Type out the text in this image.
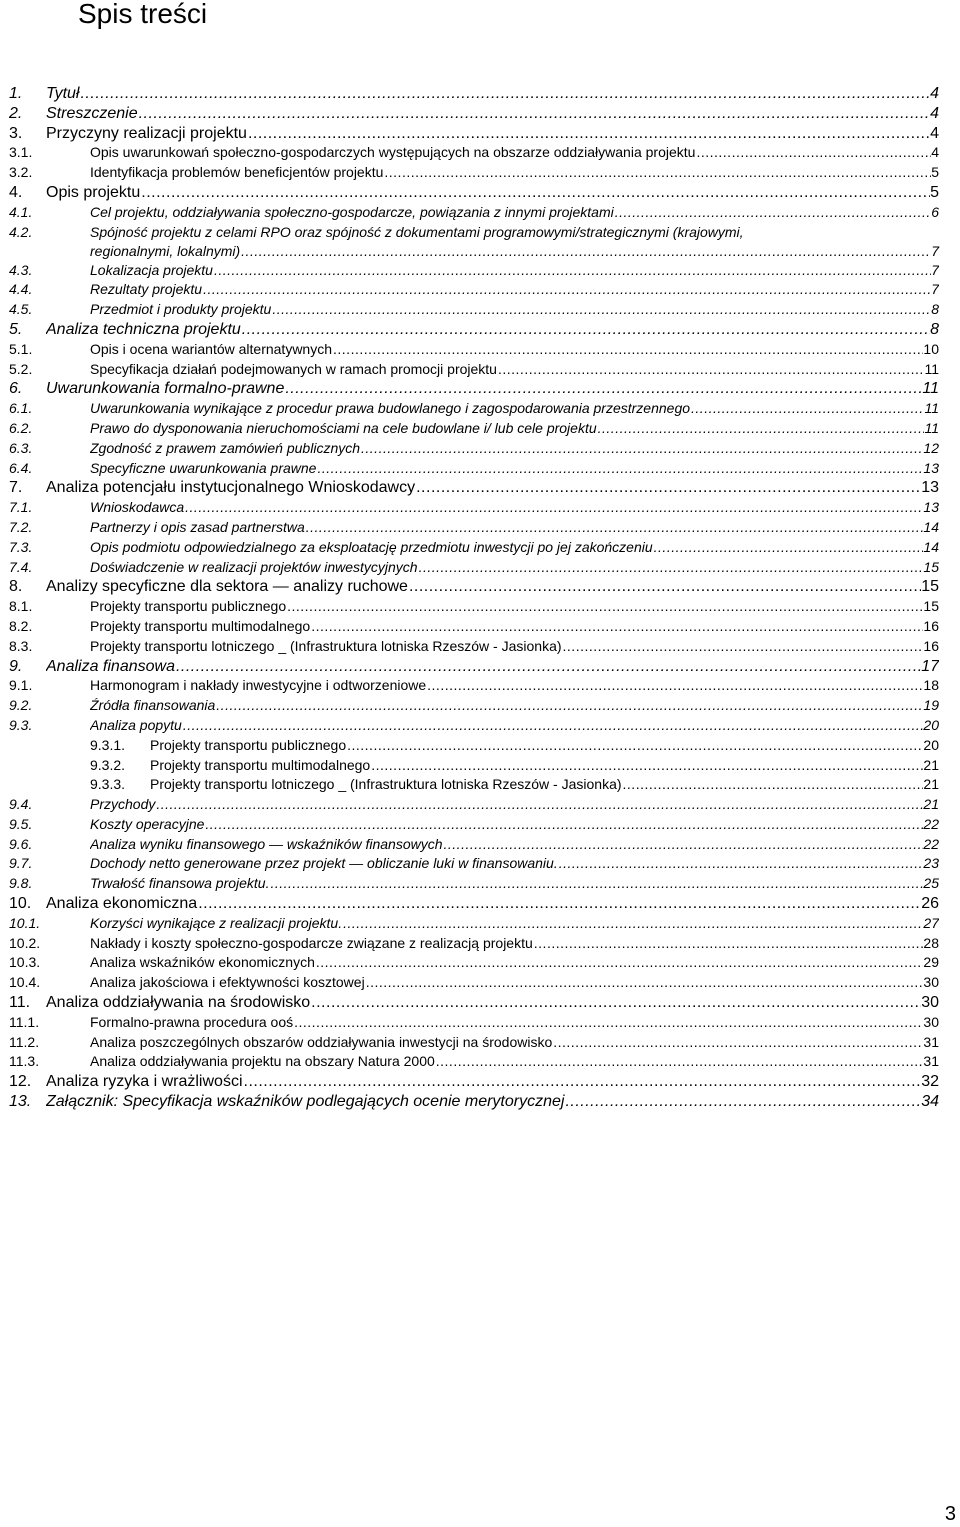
Spis treści
1. Tytuł .....	4
2. Streszczenie .....	4
3. Przyczyny realizacji projektu .....	4
3.1.	Opis uwarunkowań społeczno-gospodarczych występujących na obszarze oddziaływania projektu .....	4
3.2.	Identyfikacja problemów beneficjentów projektu .....	5
4. Opis projektu .....	5
4.1.	Cel projektu, oddziaływania społeczno-gospodarcze, powiązania z innymi projektami .....	6
4.2.	Spójność projektu z celami RPO oraz spójność z dokumentami programowymi/strategicznymi (krajowymi,
regionalnymi, lokalnymi) .....	7
4.3.	Lokalizacja projektu .....	7
4.4.	Rezultaty projektu .....	7
4.5.	Przedmiot i produkty projektu .....	8
5. Analiza techniczna projektu .....	8
5.1.	Opis i ocena wariantów alternatywnych .....	10
5.2.	Specyfikacja działań podejmowanych w ramach promocji projektu .....	11
6. Uwarunkowania formalno-prawne .....	11
6.1.	Uwarunkowania wynikające z procedur prawa budowlanego i zagospodarowania przestrzennego .....	11
6.2.	Prawo do dysponowania nieruchomościami na cele budowlane i/ lub cele projektu .....	11
6.3.	Zgodność z prawem zamówień publicznych .....	12
6.4.	Specyficzne uwarunkowania prawne .....	13
7. Analiza potencjału instytucjonalnego Wnioskodawcy .....	13
7.1.	Wnioskodawca .....	13
7.2.	Partnerzy i opis zasad partnerstwa .....	14
7.3.	Opis podmiotu odpowiedzialnego za eksploatację przedmiotu inwestycji po jej zakończeniu .....	14
7.4.	Doświadczenie w realizacji projektów inwestycyjnych .....	15
8. Analizy specyficzne dla sektora — analizy ruchowe .....	15
8.1.	Projekty transportu publicznego .....	15
8.2.	Projekty transportu multimodalnego .....	16
8.3.	Projekty transportu lotniczego _ (Infrastruktura lotniska Rzeszów - Jasionka) .....	16
9. Analiza finansowa .....	17
9.1.	Harmonogram i nakłady inwestycyjne i odtworzeniowe .....	18
9.2.	Źródła finansowania .....	19
9.3.	Analiza popytu .....	20
9.3.1. Projekty transportu publicznego .....	20
9.3.2. Projekty transportu multimodalnego .....	21
9.3.3. Projekty transportu lotniczego _ (Infrastruktura lotniska Rzeszów - Jasionka) .....	21
9.4.	Przychody .....	21
9.5.	Koszty operacyjne .....	22
9.6.	Analiza wyniku finansowego — wskaźników finansowych .....	22
9.7.	Dochody netto generowane przez projekt — obliczanie luki w finansowaniu. .....	23
9.8.	Trwałość finansowa projektu. .....	25
10. Analiza ekonomiczna .....	26
10.1.	Korzyści wynikające z realizacji projektu. .....	27
10.2.	Nakłady i koszty społeczno-gospodarcze związane z realizacją projektu .....	28
10.3.	Analiza wskaźników ekonomicznych .....	29
10.4.	Analiza jakościowa i efektywności kosztowej .....	30
11. Analiza oddziaływania na środowisko .....	30
11.1.	Formalno-prawna procedura ooś .....	30
11.2.	Analiza poszczególnych obszarów oddziaływania inwestycji na środowisko .....	31
11.3.	Analiza oddziaływania projektu na obszary Natura 2000 .....	31
12. Analiza ryzyka i wrażliwości .....	32
13. Załącznik: Specyfikacja wskaźników podlegających ocenie merytorycznej .....	34
3
